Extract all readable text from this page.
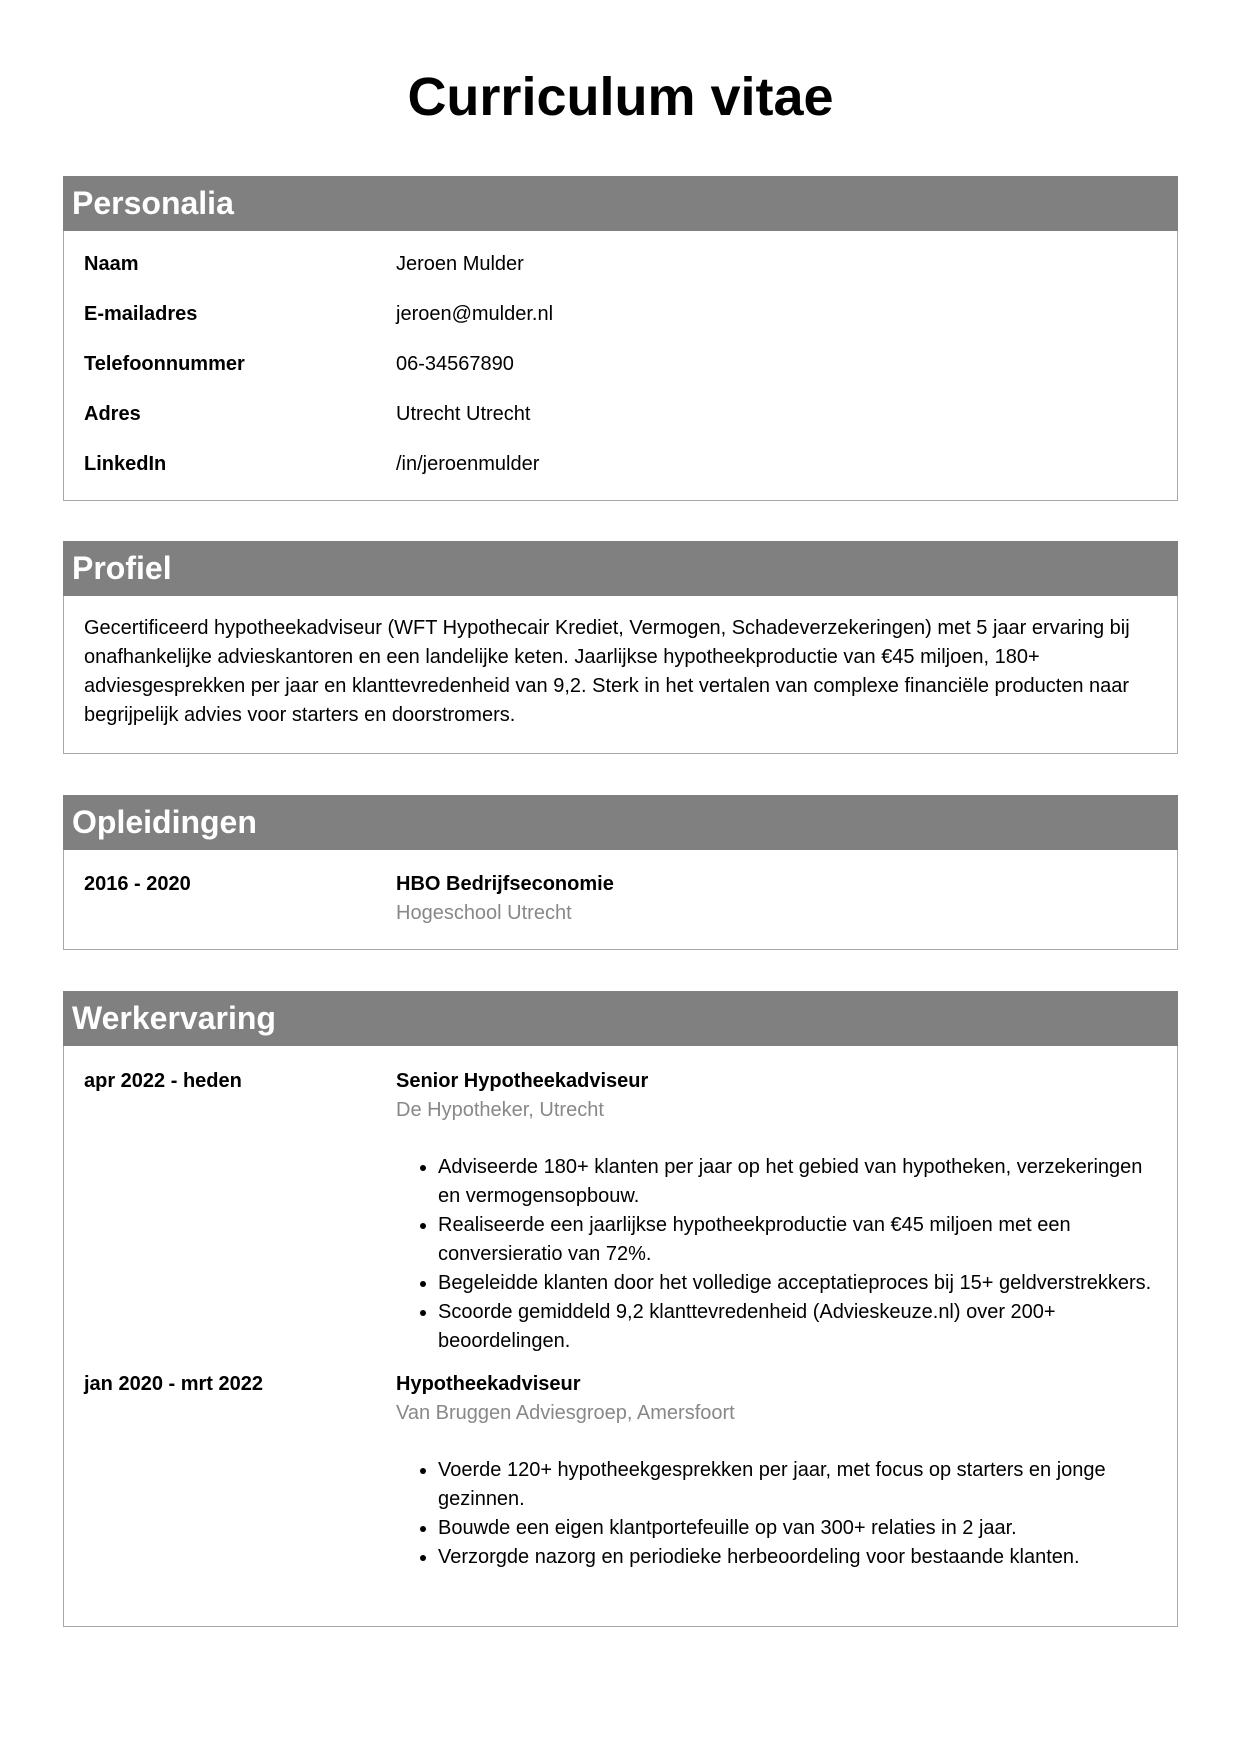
Curriculum vitae
Personalia
Naam	Jeroen Mulder
E-mailadres	jeroen@mulder.nl
Telefoonnummer	06-34567890
Adres	Utrecht Utrecht
LinkedIn	/in/jeroenmulder
Profiel
Gecertificeerd hypotheekadviseur (WFT Hypothecair Krediet, Vermogen, Schadeverzekeringen) met 5 jaar ervaring bij onafhankelijke advieskantoren en een landelijke keten. Jaarlijkse hypotheekproductie van €45 miljoen, 180+ adviesgesprekken per jaar en klanttevredenheid van 9,2. Sterk in het vertalen van complexe financiële producten naar begrijpelijk advies voor starters en doorstromers.
Opleidingen
2016 - 2020	HBO Bedrijfseconomie
Hogeschool Utrecht
Werkervaring
apr 2022 - heden	Senior Hypotheekadviseur
De Hypotheker, Utrecht
• Adviseerde 180+ klanten per jaar op het gebied van hypotheken, verzekeringen en vermogensopbouw.
• Realiseerde een jaarlijkse hypotheekproductie van €45 miljoen met een conversieratio van 72%.
• Begeleidde klanten door het volledige acceptatieproces bij 15+ geldverstrekkers.
• Scoorde gemiddeld 9,2 klanttevredenheid (Advieskeuze.nl) over 200+ beoordelingen.
jan 2020 - mrt 2022	Hypotheekadviseur
Van Bruggen Adviesgroep, Amersfoort
• Voerde 120+ hypotheekgesprekken per jaar, met focus op starters en jonge gezinnen.
• Bouwde een eigen klantportefeuille op van 300+ relaties in 2 jaar.
• Verzorgde nazorg en periodieke herbeoordeling voor bestaande klanten.
